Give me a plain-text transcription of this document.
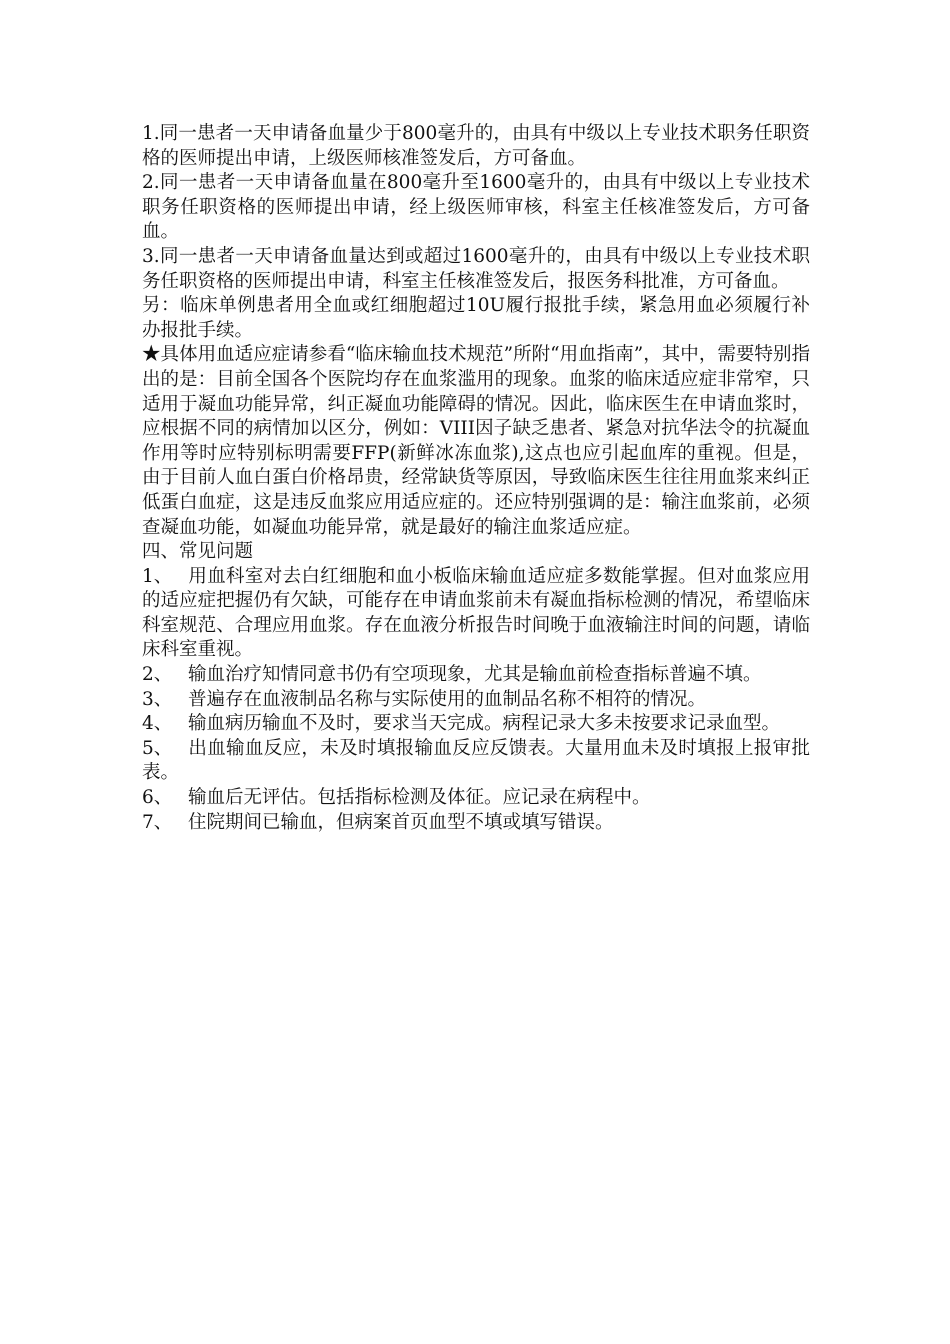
1.同一患者一天申请备血量少于800毫升的，由具有中级以上专业技术职务任职资格的医师提出申请，上级医师核准签发后，方可备血。

2.同一患者一天申请备血量在800毫升至1600毫升的，由具有中级以上专业技术职务任职资格的医师提出申请，经上级医师审核，科室主任核准签发后，方可备血。

3.同一患者一天申请备血量达到或超过1600毫升的，由具有中级以上专业技术职务任职资格的医师提出申请，科室主任核准签发后，报医务科批准，方可备血。

另：临床单例患者用全血或红细胞超过10U履行报批手续，紧急用血必须履行补办报批手续。

★具体用血适应症请参看“临床输血技术规范”所附“用血指南”，其中，需要特别指出的是：目前全国各个医院均存在血浆滥用的现象。血浆的临床适应症非常窄，只适用于凝血功能异常，纠正凝血功能障碍的情况。因此，临床医生在申请血浆时，应根据不同的病情加以区分，例如：VIII因子缺乏患者、紧急对抗华法令的抗凝血作用等时应特别标明需要FFP(新鲜冰冻血浆),这点也应引起血库的重视。但是，由于目前人血白蛋白价格昂贵，经常缺货等原因，导致临床医生往往用血浆来纠正低蛋白血症，这是违反血浆应用适应症的。还应特别强调的是：输注血浆前，必须查凝血功能，如凝血功能异常，就是最好的输注血浆适应症。

四、常见问题

1、 用血科室对去白红细胞和血小板临床输血适应症多数能掌握。但对血浆应用的适应症把握仍有欠缺，可能存在申请血浆前未有凝血指标检测的情况，希望临床科室规范、合理应用血浆。存在血液分析报告时间晚于血液输注时间的问题，请临床科室重视。

2、 输血治疗知情同意书仍有空项现象，尤其是输血前检查指标普遍不填。

3、 普遍存在血液制品名称与实际使用的血制品名称不相符的情况。

4、 输血病历输血不及时，要求当天完成。病程记录大多未按要求记录血型。

5、 出血输血反应，未及时填报输血反应反馈表。大量用血未及时填报上报审批表。

6、 输血后无评估。包括指标检测及体征。应记录在病程中。

7、 住院期间已输血，但病案首页血型不填或填写错误。
